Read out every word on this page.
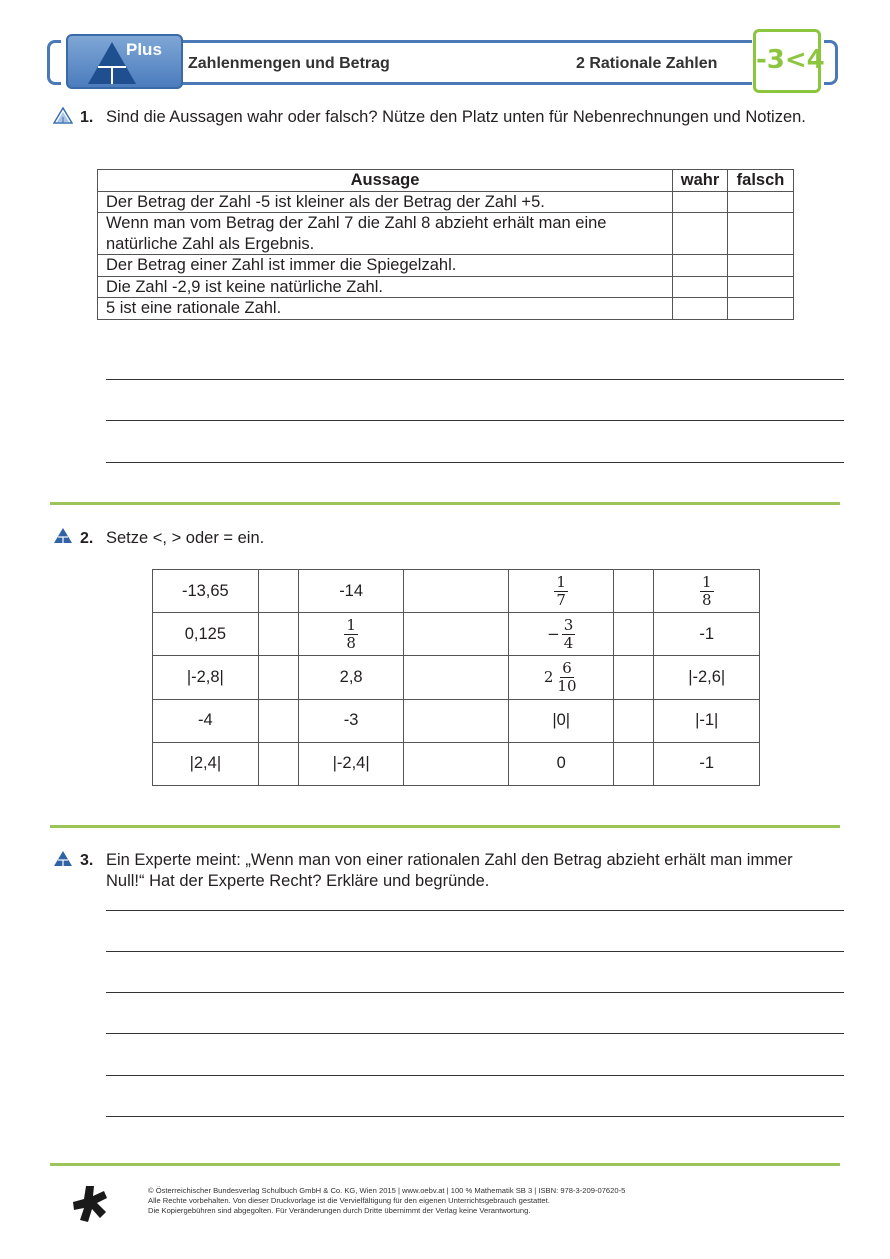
Plus
Zahlenmengen und Betrag	2 Rationale Zahlen -3<4
1. Sind die Aussagen wahr oder falsch? Nütze den Platz unten für Nebenrechnungen und Notizen.
Aussage	wahr	falsch
Der Betrag der Zahl -5 ist kleiner als der Betrag der Zahl +5.		
Wenn man vom Betrag der Zahl 7 die Zahl 8 abzieht erhält man eine natürliche Zahl als Ergebnis.		
Der Betrag einer Zahl ist immer die Spiegelzahl.		
Die Zahl -2,9 ist keine natürliche Zahl.		
5 ist eine rationale Zahl.		
2. Setze <, > oder = ein.
-13,65		-14		$\frac{1}{7}$		$\frac{1}{8}$

0,125		$\frac{1}{8}$		− $\frac{3}{4}$		-1
|-2,8|		2,8		$2 \frac{6}{10}$		|-2,6|
-4		-3		|0|		|-1|
|2,4|		|-2,4|		0		-1
3. Ein Experte meint: „Wenn man von einer rationalen Zahl den Betrag abzieht erhält man immer Null!“ Hat der Experte Recht? Erkläre und begründe.
© Österreichischer Bundesverlag Schulbuch GmbH & Co. KG, Wien 2015 | www.oebv.at | 100 % Mathematik SB 3 | ISBN: 978-3-209-07620-5
Alle Rechte vorbehalten. Von dieser Druckvorlage ist die Vervielfältigung für den eigenen Unterrichtsgebrauch gestattet.
Die Kopiergebühren sind abgegolten. Für Veränderungen durch Dritte übernimmt der Verlag keine Verantwortung.
